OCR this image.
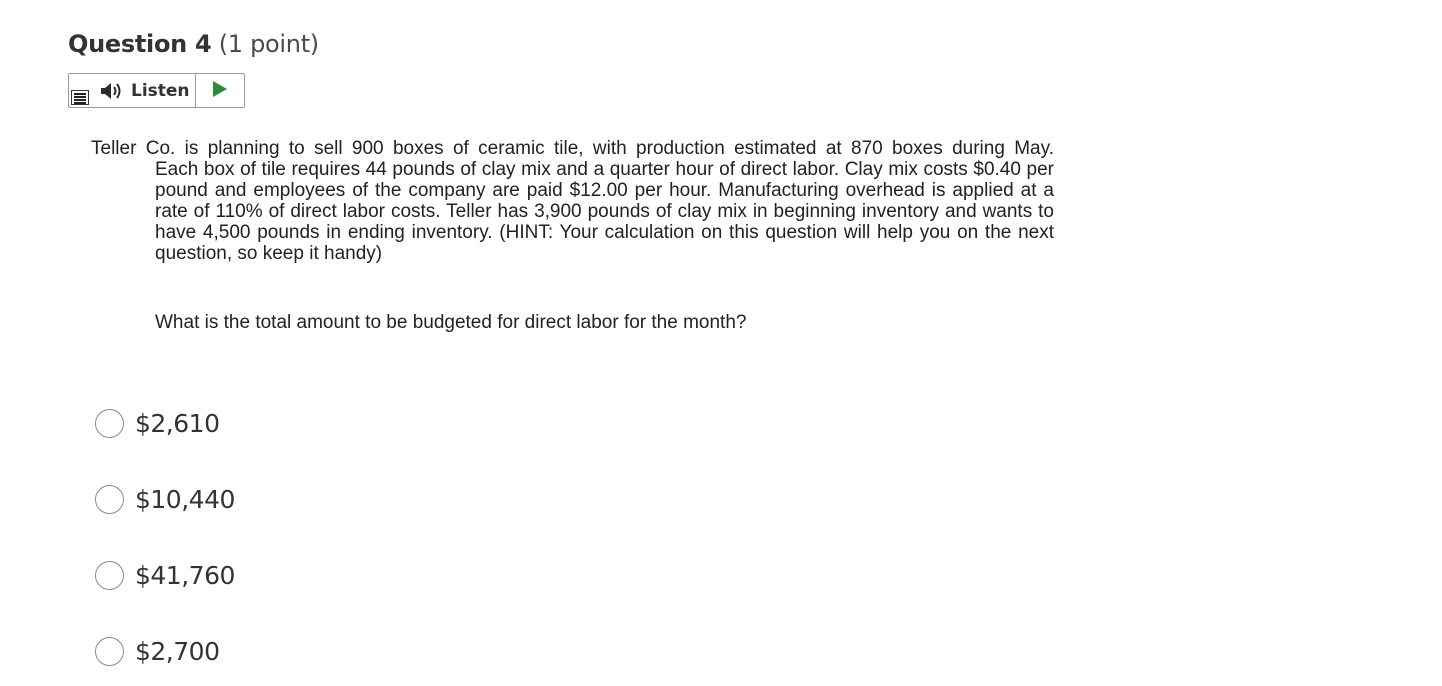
Question 4 (1 point)
Listen
Teller Co. is planning to sell 900 boxes of ceramic tile, with production estimated at 870 boxes during May.
Each box of tile requires 44 pounds of clay mix and a quarter hour of direct labor. Clay mix costs $0.40 per pound and employees of the company are paid $12.00 per hour. Manufacturing overhead is applied at a rate of 110% of direct labor costs. Teller has 3,900 pounds of clay mix in beginning inventory and wants to have 4,500 pounds in ending inventory. (HINT: Your calculation on this question will help you on the next question, so keep it handy)
What is the total amount to be budgeted for direct labor for the month?
$2,610
$10,440
$41,760
$2,700
